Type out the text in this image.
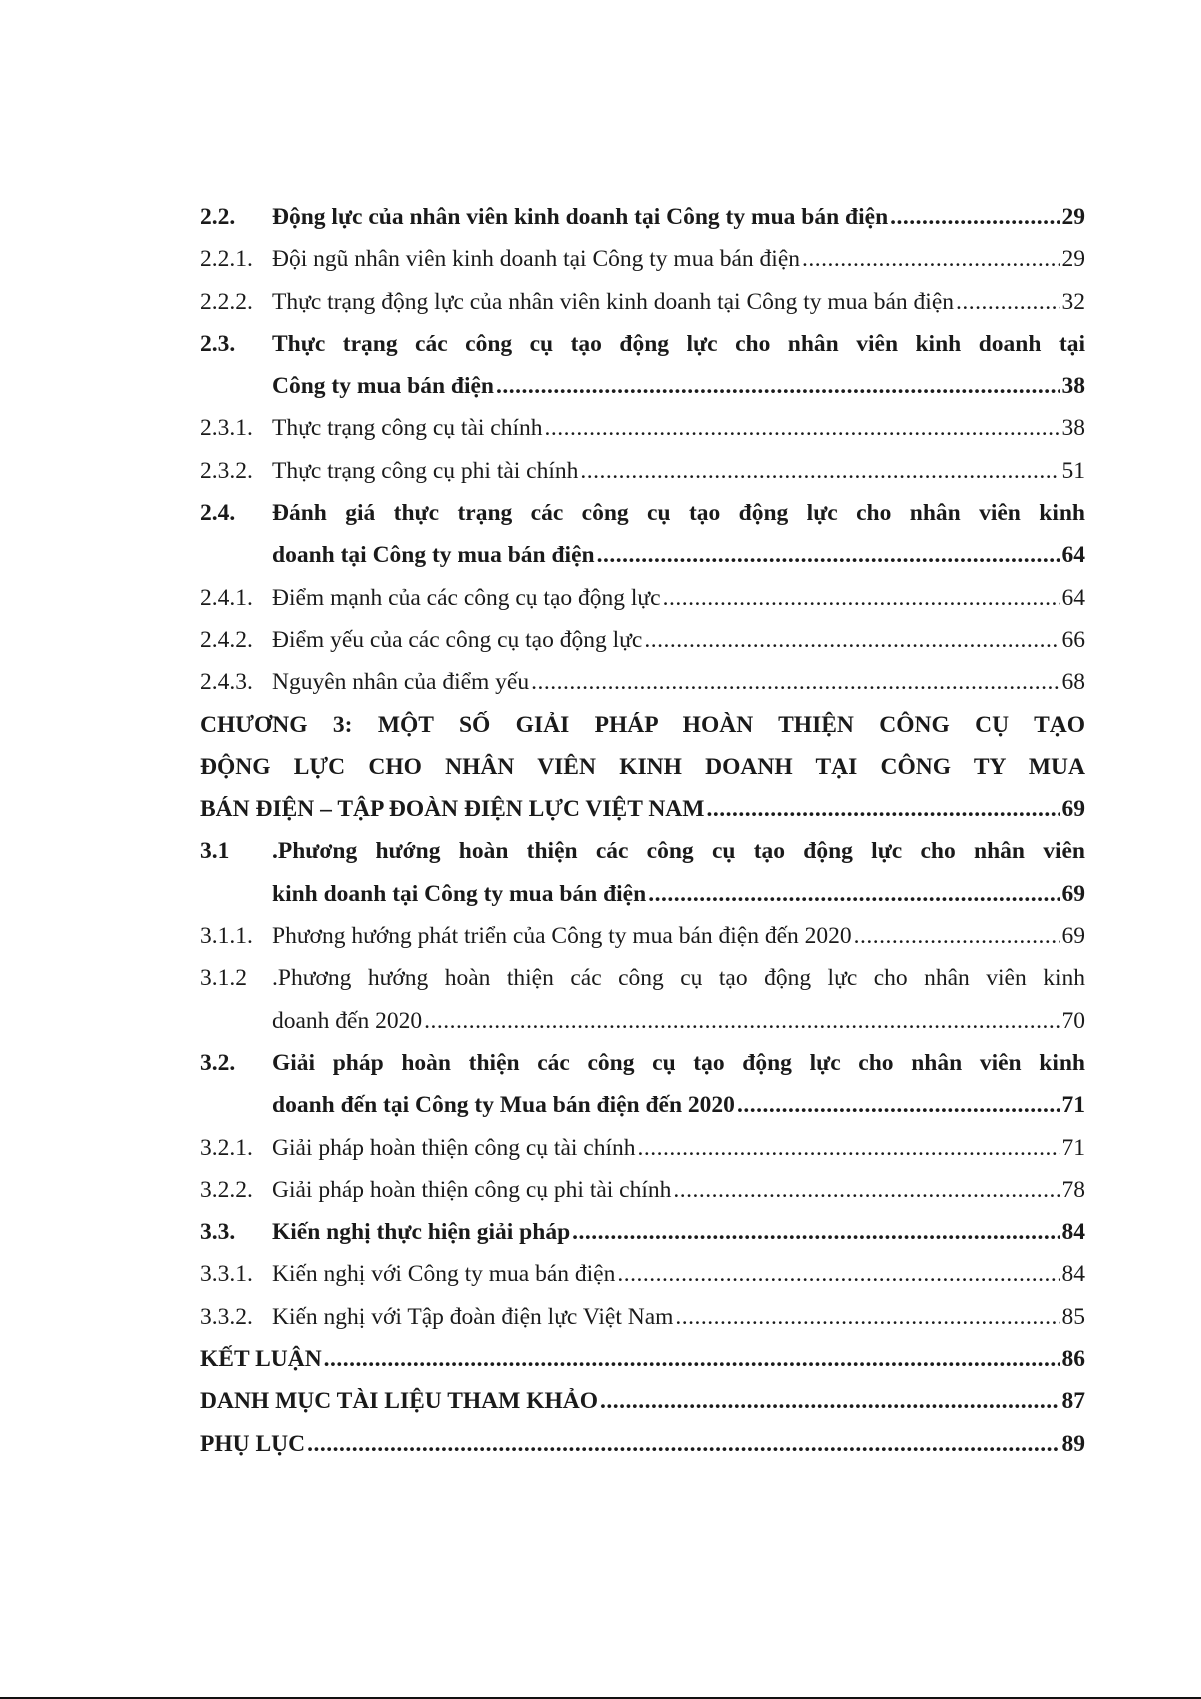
2.2. Động lực của nhân viên kinh doanh tại Công ty mua bán điện .....	29
2.2.1. Đội ngũ nhân viên kinh doanh tại Công ty mua bán điện .....	29
2.2.2. Thực trạng động lực của nhân viên kinh doanh tại Công ty mua bán điện .....	32
2.3. Thực trạng các công cụ tạo động lực cho nhân viên kinh doanh tại
Công ty mua bán điện .....	38
2.3.1. Thực trạng công cụ tài chính .....	38
2.3.2. Thực trạng công cụ phi tài chính .....	51
2.4. Đánh giá thực trạng các công cụ tạo động lực cho nhân viên kinh
doanh tại Công ty mua bán điện .....	64
2.4.1. Điểm mạnh của các công cụ tạo động lực .....	64
2.4.2. Điểm yếu của các công cụ tạo động lực .....	66
2.4.3. Nguyên nhân của điểm yếu .....	68
CHƯƠNG 3: MỘT SỐ GIẢI PHÁP HOÀN THIỆN CÔNG CỤ TẠO
ĐỘNG LỰC CHO NHÂN VIÊN KINH DOANH TẠI CÔNG TY MUA
BÁN ĐIỆN – TẬP ĐOÀN ĐIỆN LỰC VIỆT NAM .....	69
3.1 .Phương hướng hoàn thiện các công cụ tạo động lực cho nhân viên
kinh doanh tại Công ty mua bán điện .....	69
3.1.1. Phương hướng phát triển của Công ty mua bán điện đến 2020 .....	69
3.1.2 .Phương hướng hoàn thiện các công cụ tạo động lực cho nhân viên kinh
doanh đến 2020 .....	70
3.2. Giải pháp hoàn thiện các công cụ tạo động lực cho nhân viên kinh
doanh đến tại Công ty Mua bán điện đến 2020 .....	71
3.2.1. Giải pháp hoàn thiện công cụ tài chính .....	71
3.2.2. Giải pháp hoàn thiện công cụ phi tài chính .....	78
3.3. Kiến nghị thực hiện giải pháp .....	84
3.3.1. Kiến nghị với Công ty mua bán điện .....	84
3.3.2. Kiến nghị với Tập đoàn điện lực Việt Nam .....	85
KẾT LUẬN .....	86
DANH MỤC TÀI LIỆU THAM KHẢO .....	87
PHỤ LỤC .....	89
